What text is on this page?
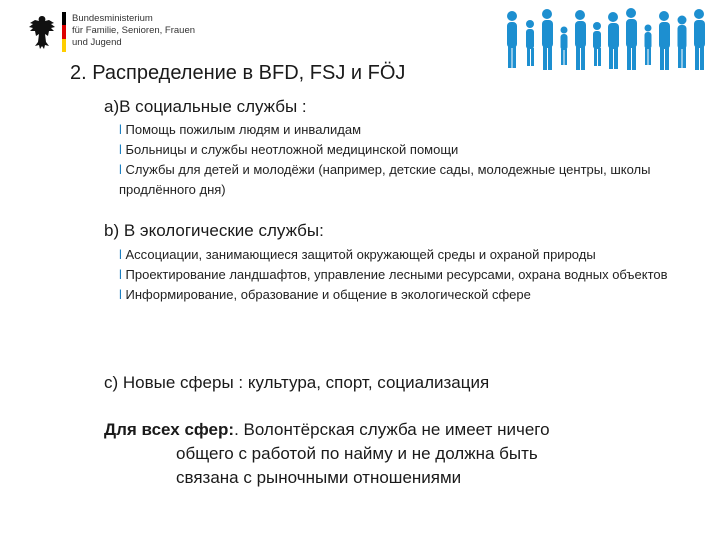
Bundesministerium
für Familie, Senioren, Frauen
und Jugend
2. Распределение в BFD, FSJ и FÖJ
a)В социальные службы :

l Помощь пожилым людям и инвалидам

l Больницы и службы неотложной медицинской помощи

l Службы для детей и молодёжи (например, детские сады, молодежные центры, школы продлённого дня)

b) В экологические службы:

l Ассоциации, занимающиеся защитой окружающей среды и охраной природы

l Проектирование ландшафтов, управление лесными ресурсами, охрана водных объектов

l Информирование, образование и общение в экологической сфере

c) Новые сферы : культура, спорт, социализация
Для всех сфер:. Волонтёрская служба не имеет ничего
общего с работой по найму и не должна быть
связана с рыночными отношениями
